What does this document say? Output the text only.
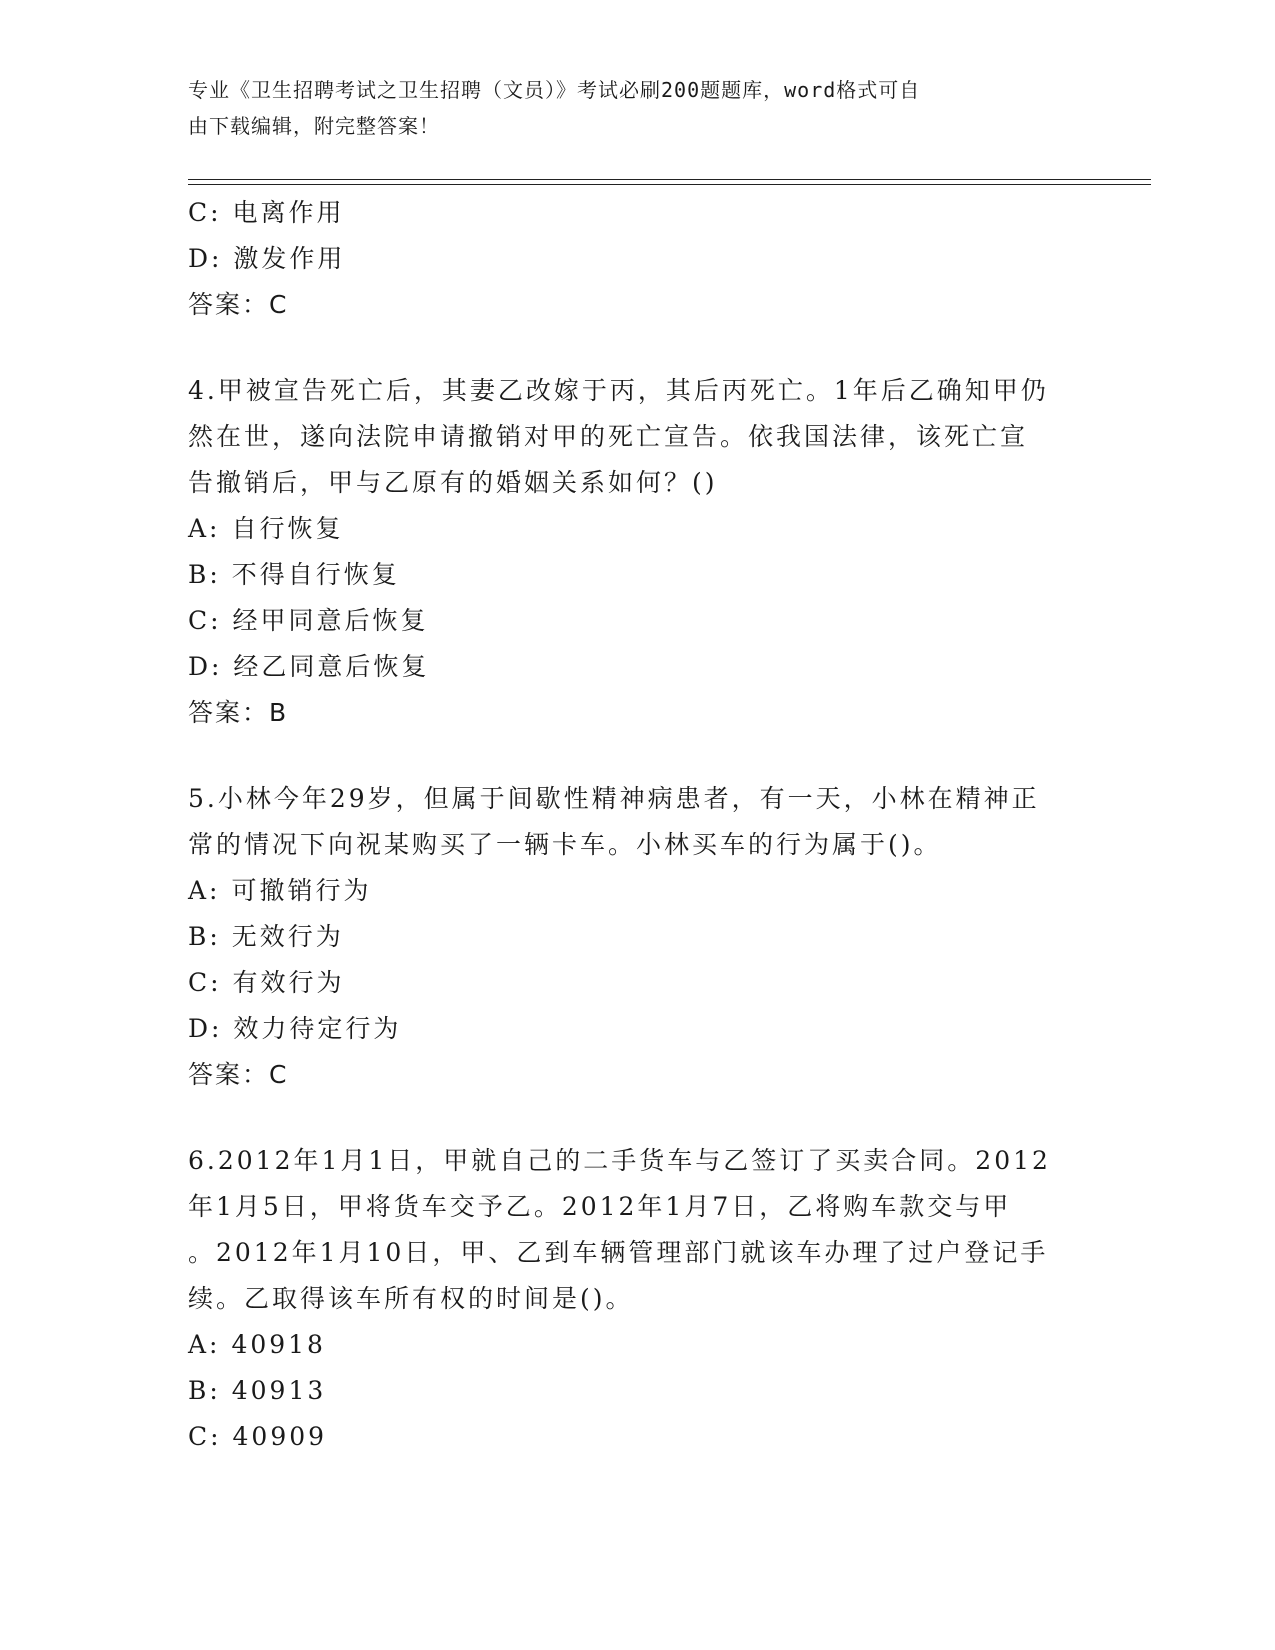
专业《卫生招聘考试之卫生招聘（文员）》考试必刷200题题库，word格式可自
由下载编辑，附完整答案！
C: 电离作用
D: 激发作用
答案：C
4.甲被宣告死亡后，其妻乙改嫁于丙，其后丙死亡。1年后乙确知甲仍
然在世，遂向法院申请撤销对甲的死亡宣告。依我国法律，该死亡宣
告撤销后，甲与乙原有的婚姻关系如何？()
A: 自行恢复
B: 不得自行恢复
C: 经甲同意后恢复
D: 经乙同意后恢复
答案：B
5.小林今年29岁，但属于间歇性精神病患者，有一天，小林在精神正
常的情况下向祝某购买了一辆卡车。小林买车的行为属于()。
A: 可撤销行为
B: 无效行为
C: 有效行为
D: 效力待定行为
答案：C
6.2012年1月1日，甲就自己的二手货车与乙签订了买卖合同。2012
年1月5日，甲将货车交予乙。2012年1月7日，乙将购车款交与甲
。2012年1月10日，甲、乙到车辆管理部门就该车办理了过户登记手
续。乙取得该车所有权的时间是()。
A: 40918
B: 40913
C: 40909
